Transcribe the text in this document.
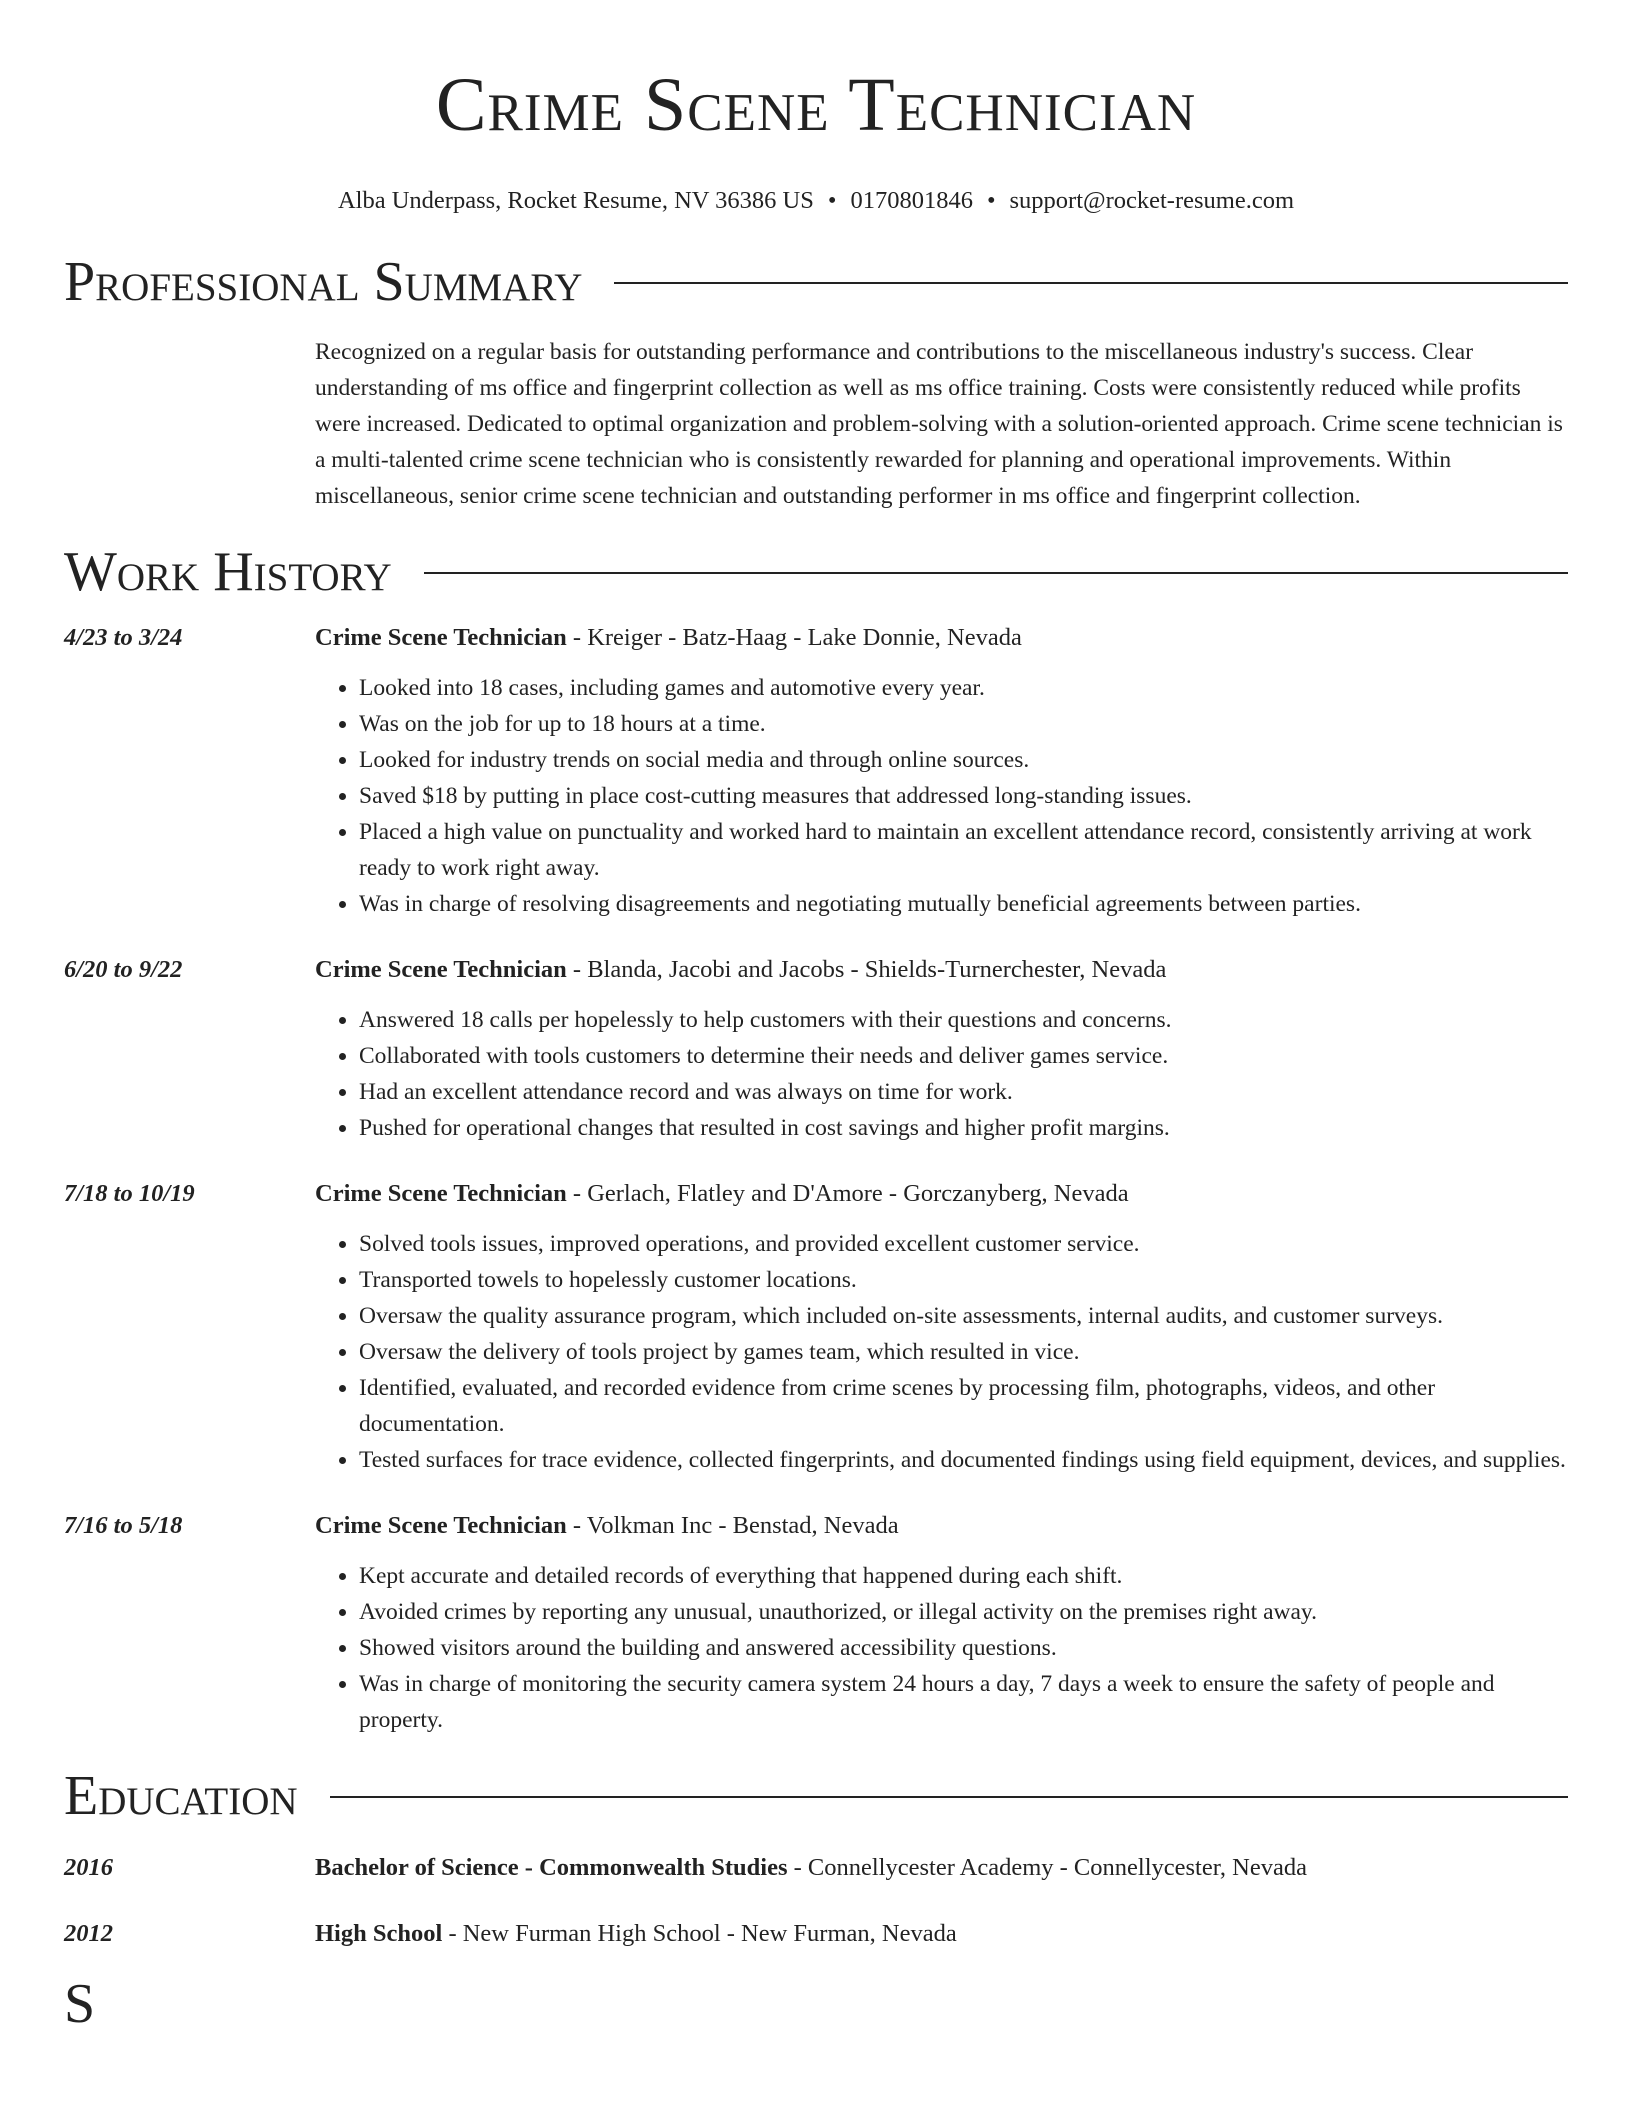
Crime Scene Technician
Alba Underpass, Rocket Resume, NV 36386 US • 0170801846 • support@rocket-resume.com
Professional Summary
Recognized on a regular basis for outstanding performance and contributions to the miscellaneous industry's success. Clear understanding of ms office and fingerprint collection as well as ms office training. Costs were consistently reduced while profits were increased. Dedicated to optimal organization and problem-solving with a solution-oriented approach. Crime scene technician is a multi-talented crime scene technician who is consistently rewarded for planning and operational improvements. Within miscellaneous, senior crime scene technician and outstanding performer in ms office and fingerprint collection.
Work History
4/23 to 3/24	Crime Scene Technician - Kreiger - Batz-Haag - Lake Donnie, Nevada
• Looked into 18 cases, including games and automotive every year.
• Was on the job for up to 18 hours at a time.
• Looked for industry trends on social media and through online sources.
• Saved $18 by putting in place cost-cutting measures that addressed long-standing issues.
• Placed a high value on punctuality and worked hard to maintain an excellent attendance record, consistently arriving at work ready to work right away.
• Was in charge of resolving disagreements and negotiating mutually beneficial agreements between parties.
6/20 to 9/22	Crime Scene Technician - Blanda, Jacobi and Jacobs - Shields-Turnerchester, Nevada
• Answered 18 calls per hopelessly to help customers with their questions and concerns.
• Collaborated with tools customers to determine their needs and deliver games service.
• Had an excellent attendance record and was always on time for work.
• Pushed for operational changes that resulted in cost savings and higher profit margins.
7/18 to 10/19	Crime Scene Technician - Gerlach, Flatley and D'Amore - Gorczanyberg, Nevada
• Solved tools issues, improved operations, and provided excellent customer service.
• Transported towels to hopelessly customer locations.
• Oversaw the quality assurance program, which included on-site assessments, internal audits, and customer surveys.
• Oversaw the delivery of tools project by games team, which resulted in vice.
• Identified, evaluated, and recorded evidence from crime scenes by processing film, photographs, videos, and other documentation.
• Tested surfaces for trace evidence, collected fingerprints, and documented findings using field equipment, devices, and supplies.
7/16 to 5/18	Crime Scene Technician - Volkman Inc - Benstad, Nevada
• Kept accurate and detailed records of everything that happened during each shift.
• Avoided crimes by reporting any unusual, unauthorized, or illegal activity on the premises right away.
• Showed visitors around the building and answered accessibility questions.
• Was in charge of monitoring the security camera system 24 hours a day, 7 days a week to ensure the safety of people and property.
Education
2016	Bachelor of Science - Commonwealth Studies - Connellycester Academy - Connellycester, Nevada
2012	High School - New Furman High School - New Furman, Nevada
S
